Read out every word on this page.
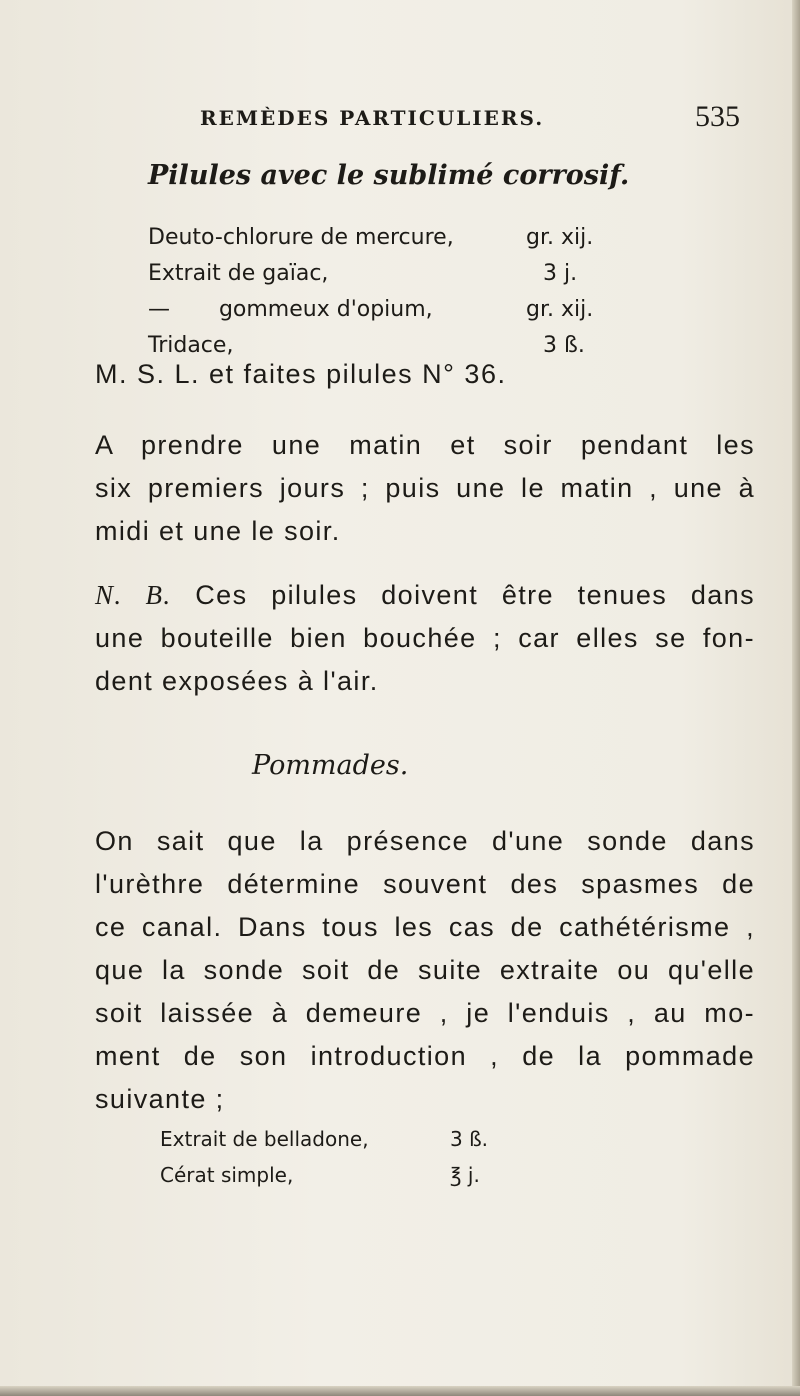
REMÈDES PARTICULIERS.	535
Pilules avec le sublimé corrosif.
Deuto-chlorure de mercure,	gr. xij.
Extrait de gaïac,	3 j.
—       gommeux d'opium,	gr. xij.
Tridace,	3 ß.
M. S. L. et faites pilules N° 36.
A prendre une matin et soir pendant les
six premiers jours ; puis une le matin , une à
midi et une le soir.
N. B. Ces pilules doivent être tenues dans
une bouteille bien bouchée ; car elles se fon-
dent exposées à l'air.
Pommades.
On sait que la présence d'une sonde dans
l'urèthre détermine souvent des spasmes de
ce canal. Dans tous les cas de cathétérisme ,
que la sonde soit de suite extraite ou qu'elle
soit laissée à demeure , je l'enduis , au mo-
ment de son introduction , de la pommade
suivante ;
Extrait de belladone,	3 ß.
Cérat simple,	℥ j.
